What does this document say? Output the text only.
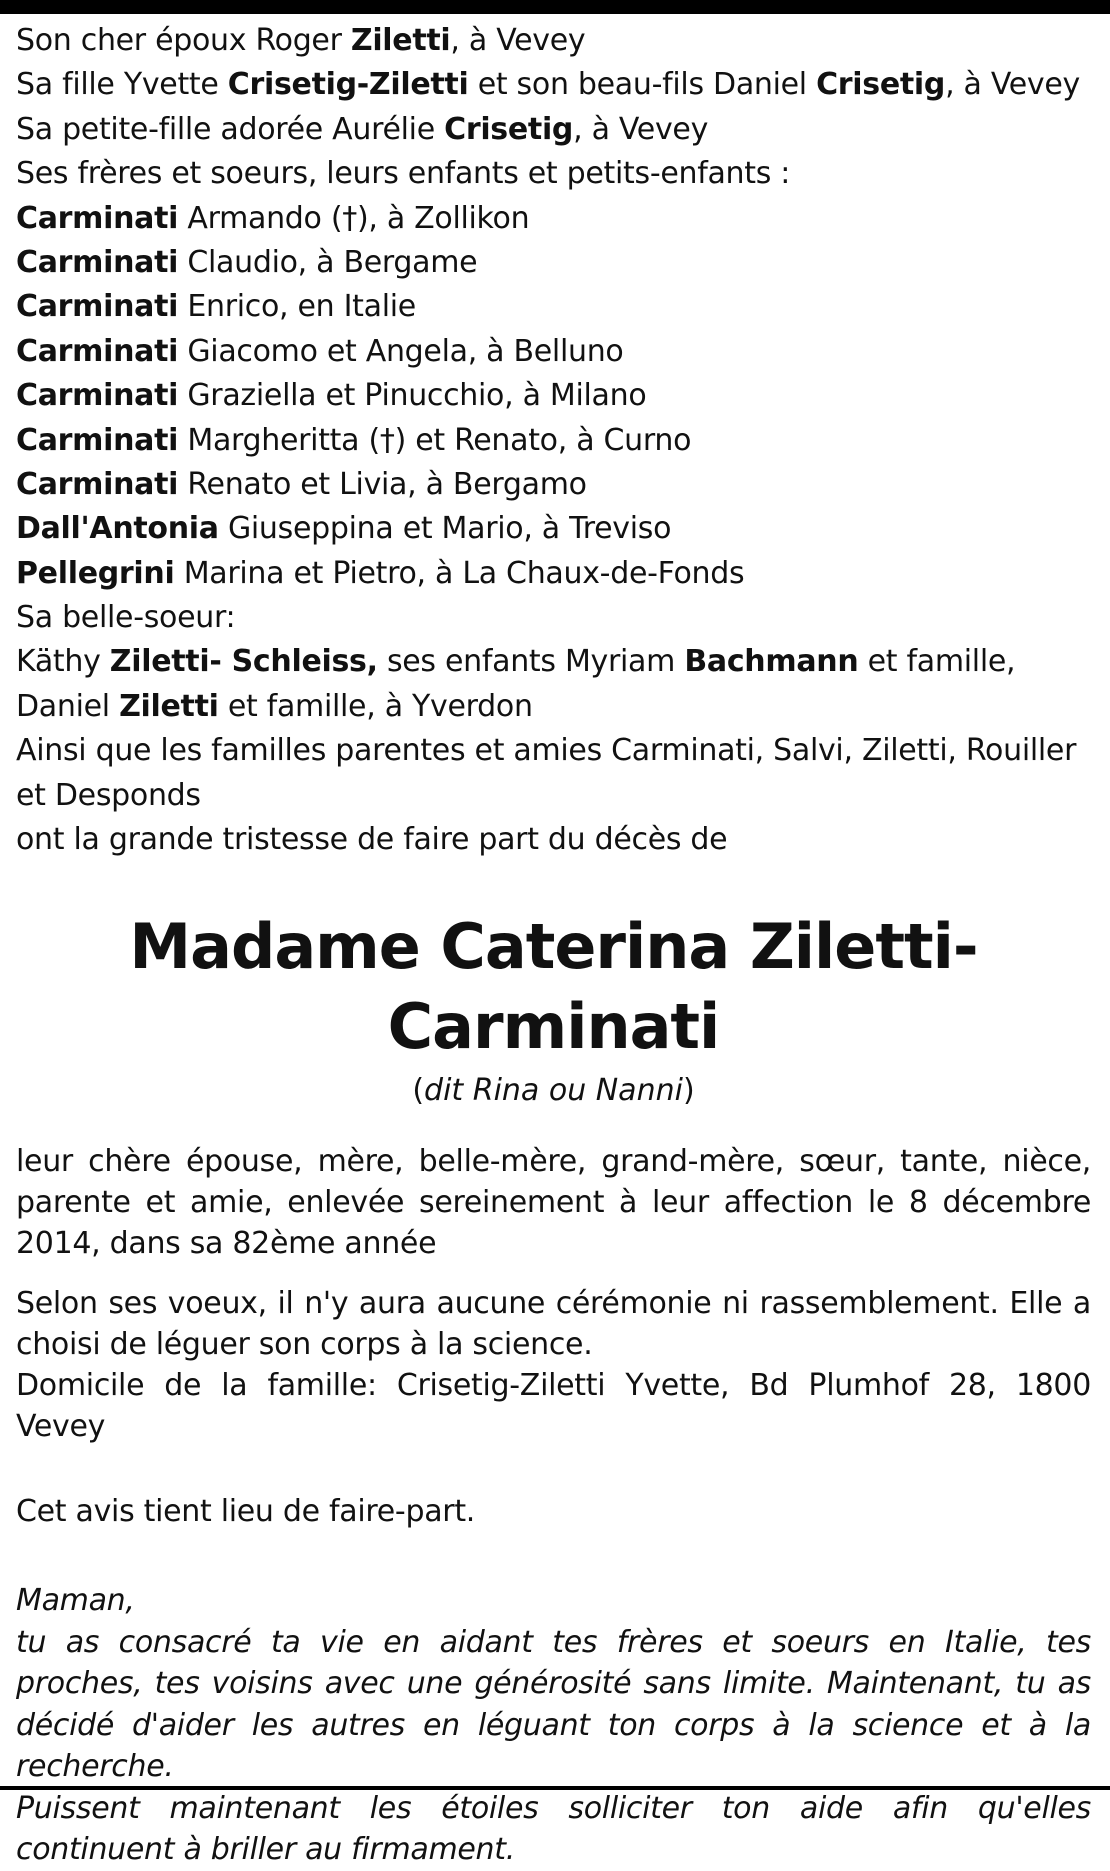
Son cher époux Roger Ziletti, à Vevey
Sa fille Yvette Crisetig-Ziletti et son beau-fils Daniel Crisetig, à Vevey
Sa petite-fille adorée Aurélie Crisetig, à Vevey
Ses frères et soeurs, leurs enfants et petits-enfants :
Carminati Armando (†), à Zollikon
Carminati Claudio, à Bergame
Carminati Enrico, en Italie
Carminati Giacomo et Angela, à Belluno
Carminati Graziella et Pinucchio, à Milano
Carminati Margheritta (†) et Renato, à Curno
Carminati Renato et Livia, à Bergamo
Dall'Antonia Giuseppina et Mario, à Treviso
Pellegrini Marina et Pietro, à La Chaux-de-Fonds
Sa belle-soeur:
Käthy Ziletti- Schleiss, ses enfants Myriam Bachmann et famille,
Daniel Ziletti et famille, à Yverdon
Ainsi que les familles parentes et amies Carminati, Salvi, Ziletti, Rouiller
et Desponds
ont la grande tristesse de faire part du décès de
Madame Caterina Ziletti-Carminati
(dit Rina ou Nanni)
leur chère épouse, mère, belle-mère, grand-mère, sœur, tante, nièce,
parente et amie, enlevée sereinement à leur affection le 8 décembre
2014, dans sa 82ème année
Selon ses voeux, il n'y aura aucune cérémonie ni rassemblement. Elle a
choisi de léguer son corps à la science.
Domicile de la famille: Crisetig-Ziletti Yvette, Bd Plumhof 28, 1800 Vevey
Cet avis tient lieu de faire-part.
Maman,
tu as consacré ta vie en aidant tes frères et soeurs en Italie, tes
proches, tes voisins avec une générosité sans limite. Maintenant, tu as
décidé d'aider les autres en léguant ton corps à la science et à la
recherche.
Puissent maintenant les étoiles solliciter ton aide afin qu'elles
continuent à briller au firmament.
